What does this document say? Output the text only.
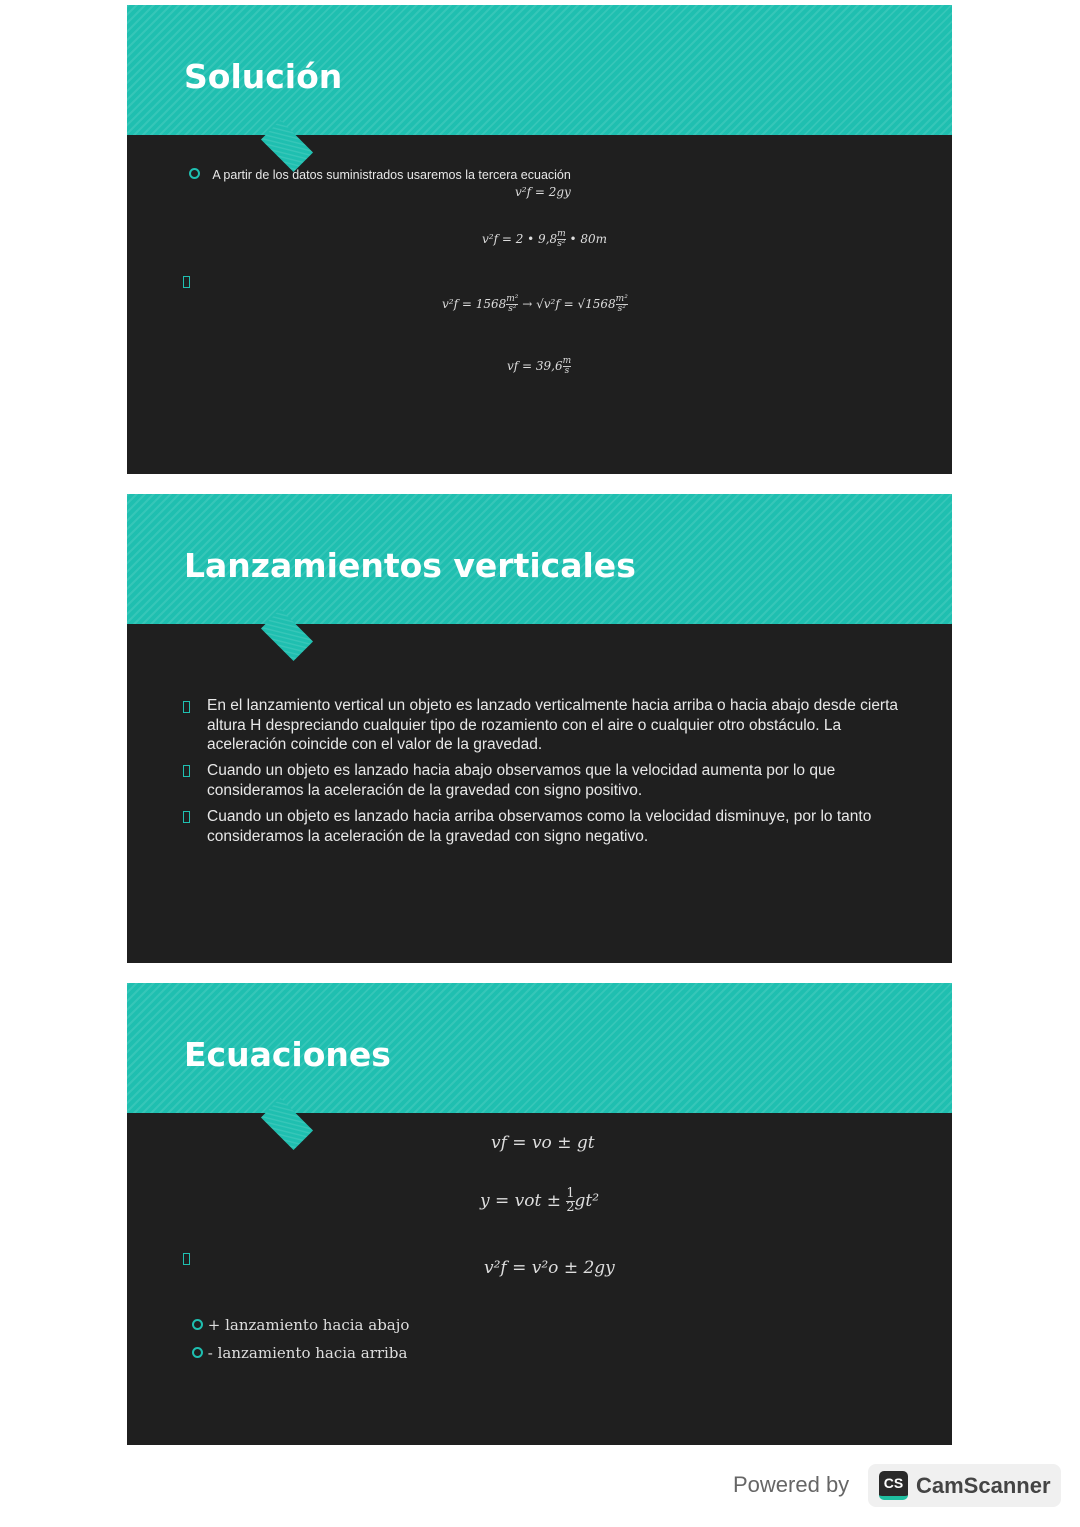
Solución
A partir de los datos suministrados usaremos la tercera ecuación
v²f = 2gy
v²f = 2 • $9,8 \frac{m}{\text{s²}}$ • 80m
$v^2f = 1568 \frac{\text{m²}}{\text{s²}} \to √v^2f = √1568 \frac{\text{m²}}{\text{s²}}$
vf = $39,6 \frac{m}{s}$
Lanzamientos verticales
En el lanzamiento vertical un objeto es lanzado verticalmente hacia arriba o hacia abajo desde cierta altura H despreciando cualquier tipo de rozamiento con el aire o cualquier otro obstáculo. La aceleración coincide con el valor de la gravedad.
Cuando un objeto es lanzado hacia abajo observamos que la velocidad aumenta por lo que consideramos la aceleración de la gravedad con signo positivo.
Cuando un objeto es lanzado hacia arriba observamos como la velocidad disminuye, por lo tanto consideramos la aceleración de la gravedad con signo negativo.
Ecuaciones
vf = vo ± gt
y = vot ± $\frac{1}{2} gt^2$
v²f = v²o ± 2gy
+ lanzamiento hacia abajo
- lanzamiento hacia arriba
Powered by	CS CamScanner
